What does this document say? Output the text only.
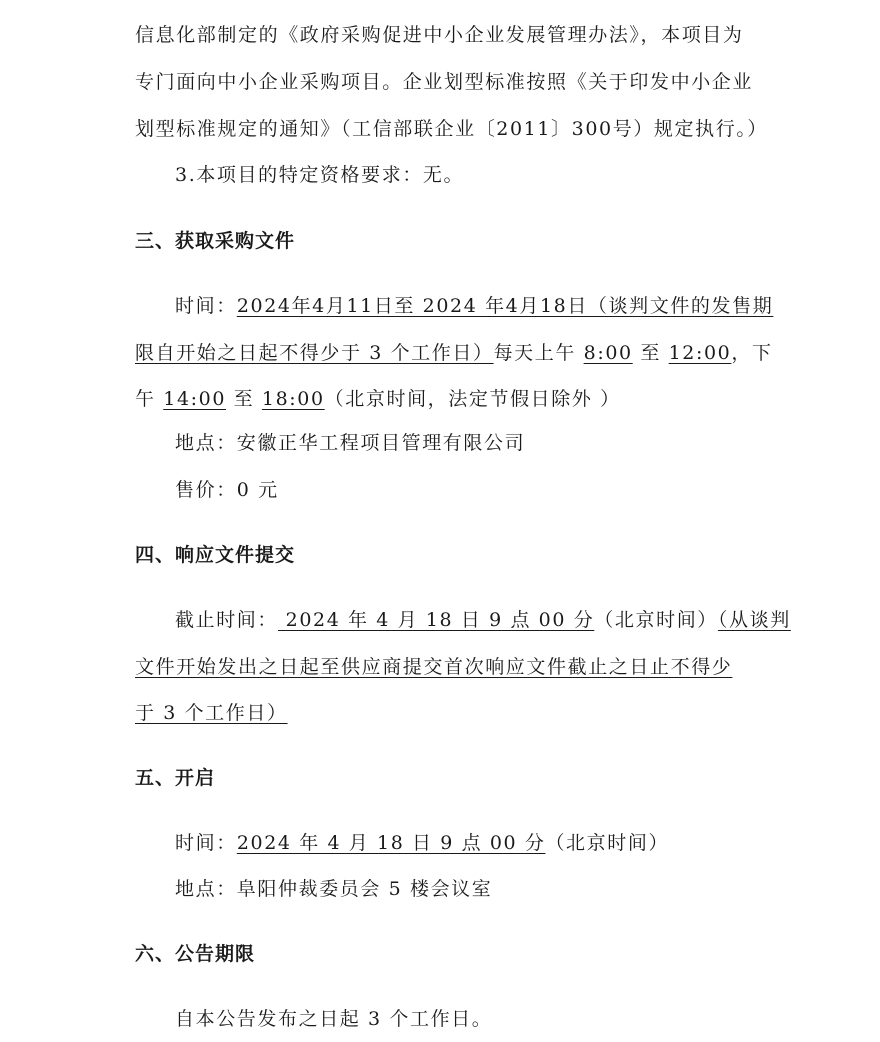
信息化部制定的《政府采购促进中小企业发展管理办法》，本项目为
专门面向中小企业采购项目。企业划型标准按照《关于印发中小企业
划型标准规定的通知》（工信部联企业〔2011〕300号）规定执行。）
3.本项目的特定资格要求：无。
三、获取采购文件
时间：2024年4月11日至 2024 年4月18日（谈判文件的发售期
限自开始之日起不得少于 3 个工作日）每天上午 8:00 至 12:00，下
午 14:00 至 18:00（北京时间，法定节假日除外 ）
地点：安徽正华工程项目管理有限公司
售价：0 元
四、响应文件提交
截止时间： 2024 年 4 月 18 日 9 点 00 分（北京时间）（从谈判
文件开始发出之日起至供应商提交首次响应文件截止之日止不得少
于 3 个工作日）
五、开启
时间：2024 年 4 月 18 日 9 点 00 分（北京时间）
地点：阜阳仲裁委员会 5 楼会议室
六、公告期限
自本公告发布之日起 3 个工作日。
